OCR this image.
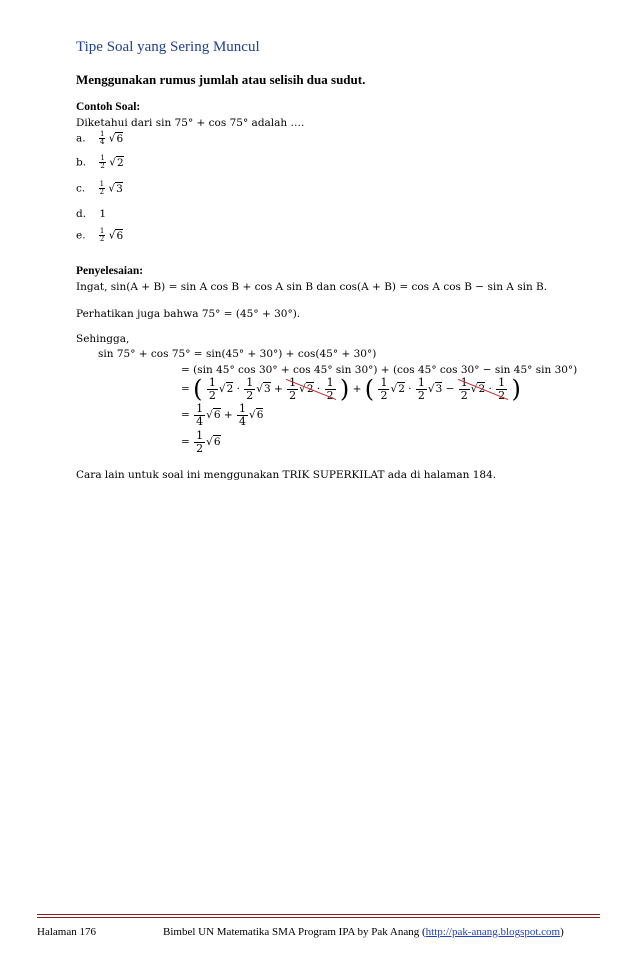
Tipe Soal yang Sering Muncul
Menggunakan rumus jumlah atau selisih dua sudut.
Contoh Soal:
Diketahui dari sin 75° + cos 75° adalah ….
a. $\frac{1}{4} √6$
b. $\frac{1}{2} √2$
c. $\frac{1}{2} √3$
d. 1
e. $\frac{1}{2} √6$
Penyelesaian:
Ingat, sin(A + B) = sin A cos B + cos A sin B dan cos(A + B) = cos A cos B − sin A sin B.
Perhatikan juga bahwa 75° = (45° + 30°).
Sehingga,
sin 75° + cos 75° = sin(45° + 30°) + cos(45° + 30°)
= (sin 45° cos 30° + cos 45° sin 30°) + (cos 45° cos 30° − sin 45° sin 30°)
= ( $\frac{1}{2} √2 \cdot \frac{1}{2} √3 + \frac{1}{2} √2 \cdot \frac{1}{2}$ ) + ( $\frac{1}{2} √2 \cdot \frac{1}{2} √3 - \frac{1}{2} √2 \cdot \frac{1}{2}$ )
= $\frac{1}{4} √6 + \frac{1}{4} √6$
= $\frac{1}{2} √6$
Cara lain untuk soal ini menggunakan TRIK SUPERKILAT ada di halaman 184.
Halaman 176	Bimbel UN Matematika SMA Program IPA by Pak Anang (http://pak-anang.blogspot.com)
